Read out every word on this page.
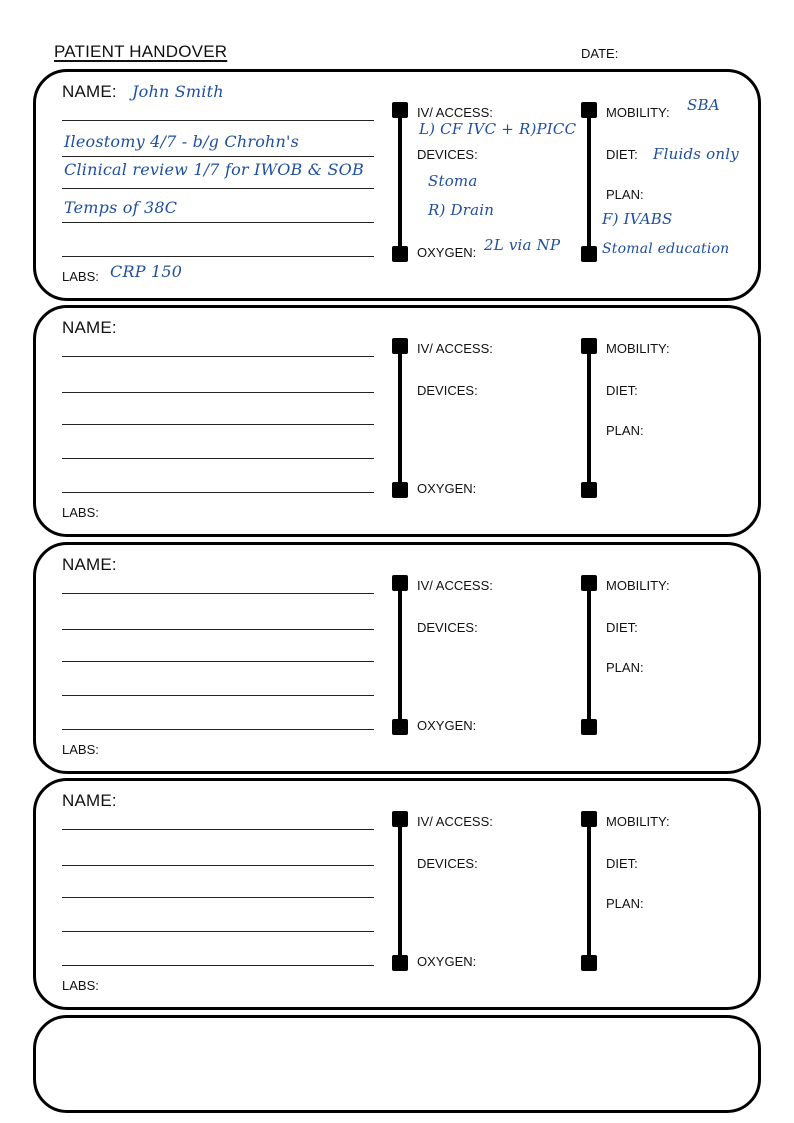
PATIENT HANDOVER	DATE:
NAME: John Smith
Ileostomy 4/7 - b/g Chrohn's
Clinical review 1/7 for IWOB & SOB
Temps of 38C
LABS: CRP 150
IV/ ACCESS:
L) CF IVC + R)PICC
DEVICES:
Stoma
R) Drain
OXYGEN: 2L via NP
MOBILITY: SBA
DIET: Fluids only
PLAN:
F) IVABS
Stomal education
NAME:
LABS:
IV/ ACCESS:
DEVICES:
OXYGEN:
MOBILITY:
DIET:
PLAN:
NAME:
LABS:
IV/ ACCESS:
DEVICES:
OXYGEN:
MOBILITY:
DIET:
PLAN:
NAME:
LABS:
IV/ ACCESS:
DEVICES:
OXYGEN:
MOBILITY:
DIET:
PLAN:
